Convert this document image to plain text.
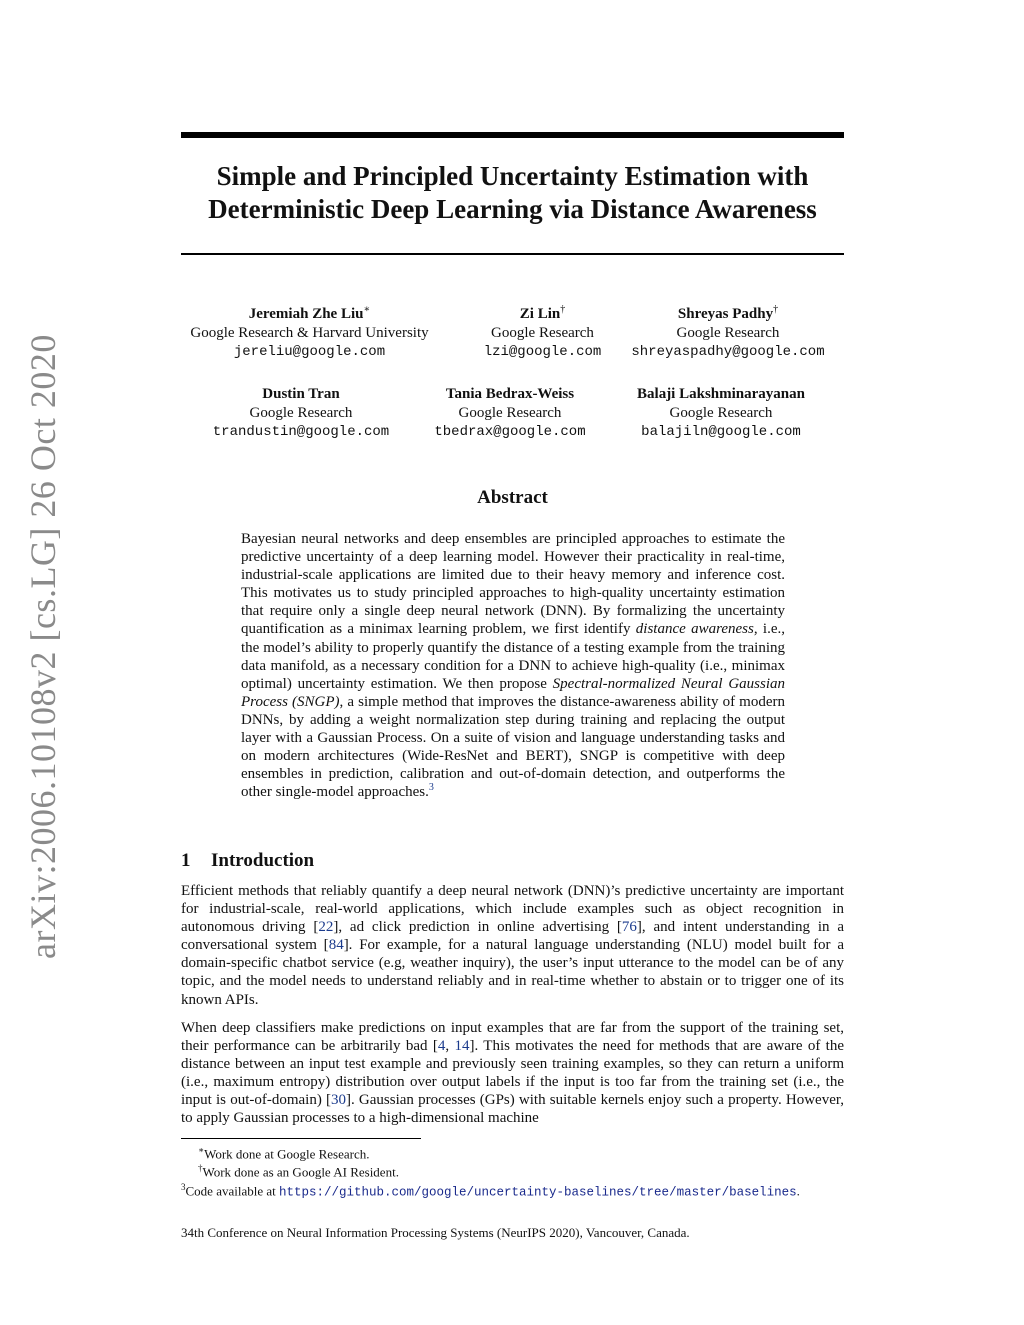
arXiv:2006.10108v2 [cs.LG] 26 Oct 2020
Simple and Principled Uncertainty Estimation with
Deterministic Deep Learning via Distance Awareness
Jeremiah Zhe Liu∗
Google Research & Harvard University
jereliu@google.com
Zi Lin†
Google Research
lzi@google.com
Shreyas Padhy†
Google Research
shreyaspadhy@google.com
Dustin Tran
Google Research
trandustin@google.com
Tania Bedrax-Weiss
Google Research
tbedrax@google.com
Balaji Lakshminarayanan
Google Research
balajiln@google.com
Abstract

Bayesian neural networks and deep ensembles are principled approaches to estimate the predictive uncertainty of a deep learning model. However their practicality in real-time, industrial-scale applications are limited due to their heavy memory and inference cost. This motivates us to study principled approaches to high-quality uncertainty estimation that require only a single deep neural network (DNN). By formalizing the uncertainty quantification as a minimax learning problem, we first identify distance awareness, i.e., the model’s ability to properly quantify the distance of a testing example from the training data manifold, as a necessary condition for a DNN to achieve high-quality (i.e., minimax optimal) uncertainty estimation. We then propose Spectral-normalized Neural Gaussian Process (SNGP), a simple method that improves the distance-awareness ability of modern DNNs, by adding a weight normalization step during training and replacing the output layer with a Gaussian Process. On a suite of vision and language understanding tasks and on modern architectures (Wide-ResNet and BERT), SNGP is competitive with deep ensembles in prediction, calibration and out-of-domain detection, and outperforms the other single-model approaches.$^3$

1 Introduction

Efficient methods that reliably quantify a deep neural network (DNN)’s predictive uncertainty are important for industrial-scale, real-world applications, which include examples such as object recognition in autonomous driving [22], ad click prediction in online advertising [76], and intent understanding in a conversational system [84]. For example, for a natural language understanding (NLU) model built for a domain-specific chatbot service (e.g, weather inquiry), the user’s input utterance to the model can be of any topic, and the model needs to understand reliably and in real-time whether to abstain or to trigger one of its known APIs.

When deep classifiers make predictions on input examples that are far from the support of the training set, their performance can be arbitrarily bad [4, 14]. This motivates the need for methods that are aware of the distance between an input test example and previously seen training examples, so they can return a uniform (i.e., maximum entropy) distribution over output labels if the input is too far from the training set (i.e., the input is out-of-domain) [30]. Gaussian processes (GPs) with suitable kernels enjoy such a property. However, to apply Gaussian processes to a high-dimensional machine

∗Work done at Google Research.
†Work done as an Google AI Resident.
$^3$Code available at https://github.com/google/uncertainty-baselines/tree/master/baselines.
34th Conference on Neural Information Processing Systems (NeurIPS 2020), Vancouver, Canada.
